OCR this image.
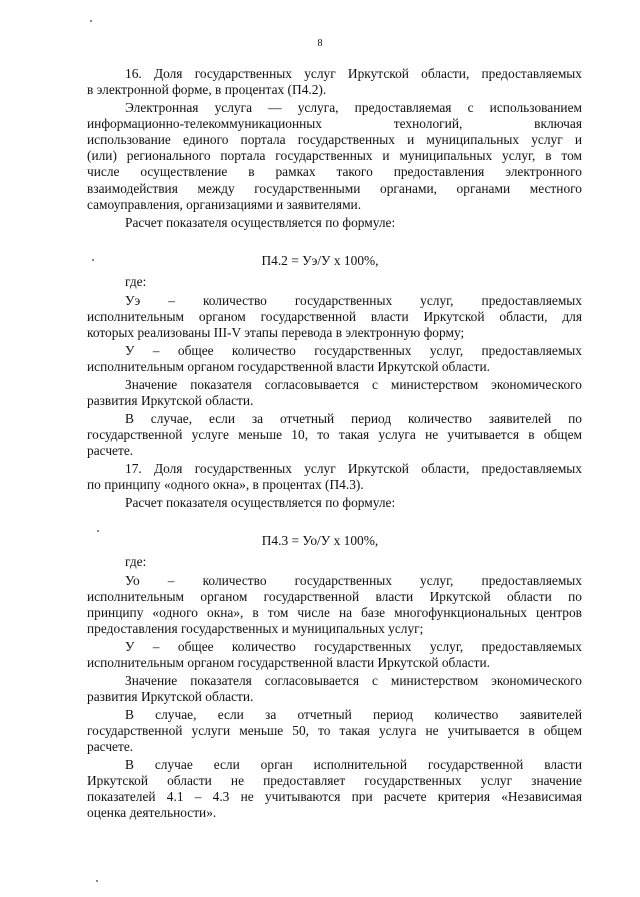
8
16. Доля государственных услуг Иркутской области, предоставляемых
в электронной форме, в процентах (П4.2).
Электронная услуга — услуга, предоставляемая с использованием
информационно-телекоммуникационных технологий, включая
использование единого портала государственных и муниципальных услуг и
(или) регионального портала государственных и муниципальных услуг, в том
числе осуществление в рамках такого предоставления электронного
взаимодействия между государственными органами, органами местного
самоуправления, организациями и заявителями.
Расчет показателя осуществляется по формуле:
П4.2 = Уэ/У х 100%,
где:
Уэ – количество государственных услуг, предоставляемых
исполнительным органом государственной власти Иркутской области, для
которых реализованы III-V этапы перевода в электронную форму;
У – общее количество государственных услуг, предоставляемых
исполнительным органом государственной власти Иркутской области.
Значение показателя согласовывается с министерством экономического
развития Иркутской области.
В случае, если за отчетный период количество заявителей по
государственной услуге меньше 10, то такая услуга не учитывается в общем
расчете.
17. Доля государственных услуг Иркутской области, предоставляемых
по принципу «одного окна», в процентах (П4.3).
Расчет показателя осуществляется по формуле:
П4.3 = Уо/У х 100%,
где:
Уо – количество государственных услуг, предоставляемых
исполнительным органом государственной власти Иркутской области по
принципу «одного окна», в том числе на базе многофункциональных центров
предоставления государственных и муниципальных услуг;
У – общее количество государственных услуг, предоставляемых
исполнительным органом государственной власти Иркутской области.
Значение показателя согласовывается с министерством экономического
развития Иркутской области.
В случае, если за отчетный период количество заявителей
государственной услуги меньше 50, то такая услуга не учитывается в общем
расчете.
В случае если орган исполнительной государственной власти
Иркутской области не предоставляет государственных услуг значение
показателей 4.1 – 4.3 не учитываются при расчете критерия «Независимая
оценка деятельности».
